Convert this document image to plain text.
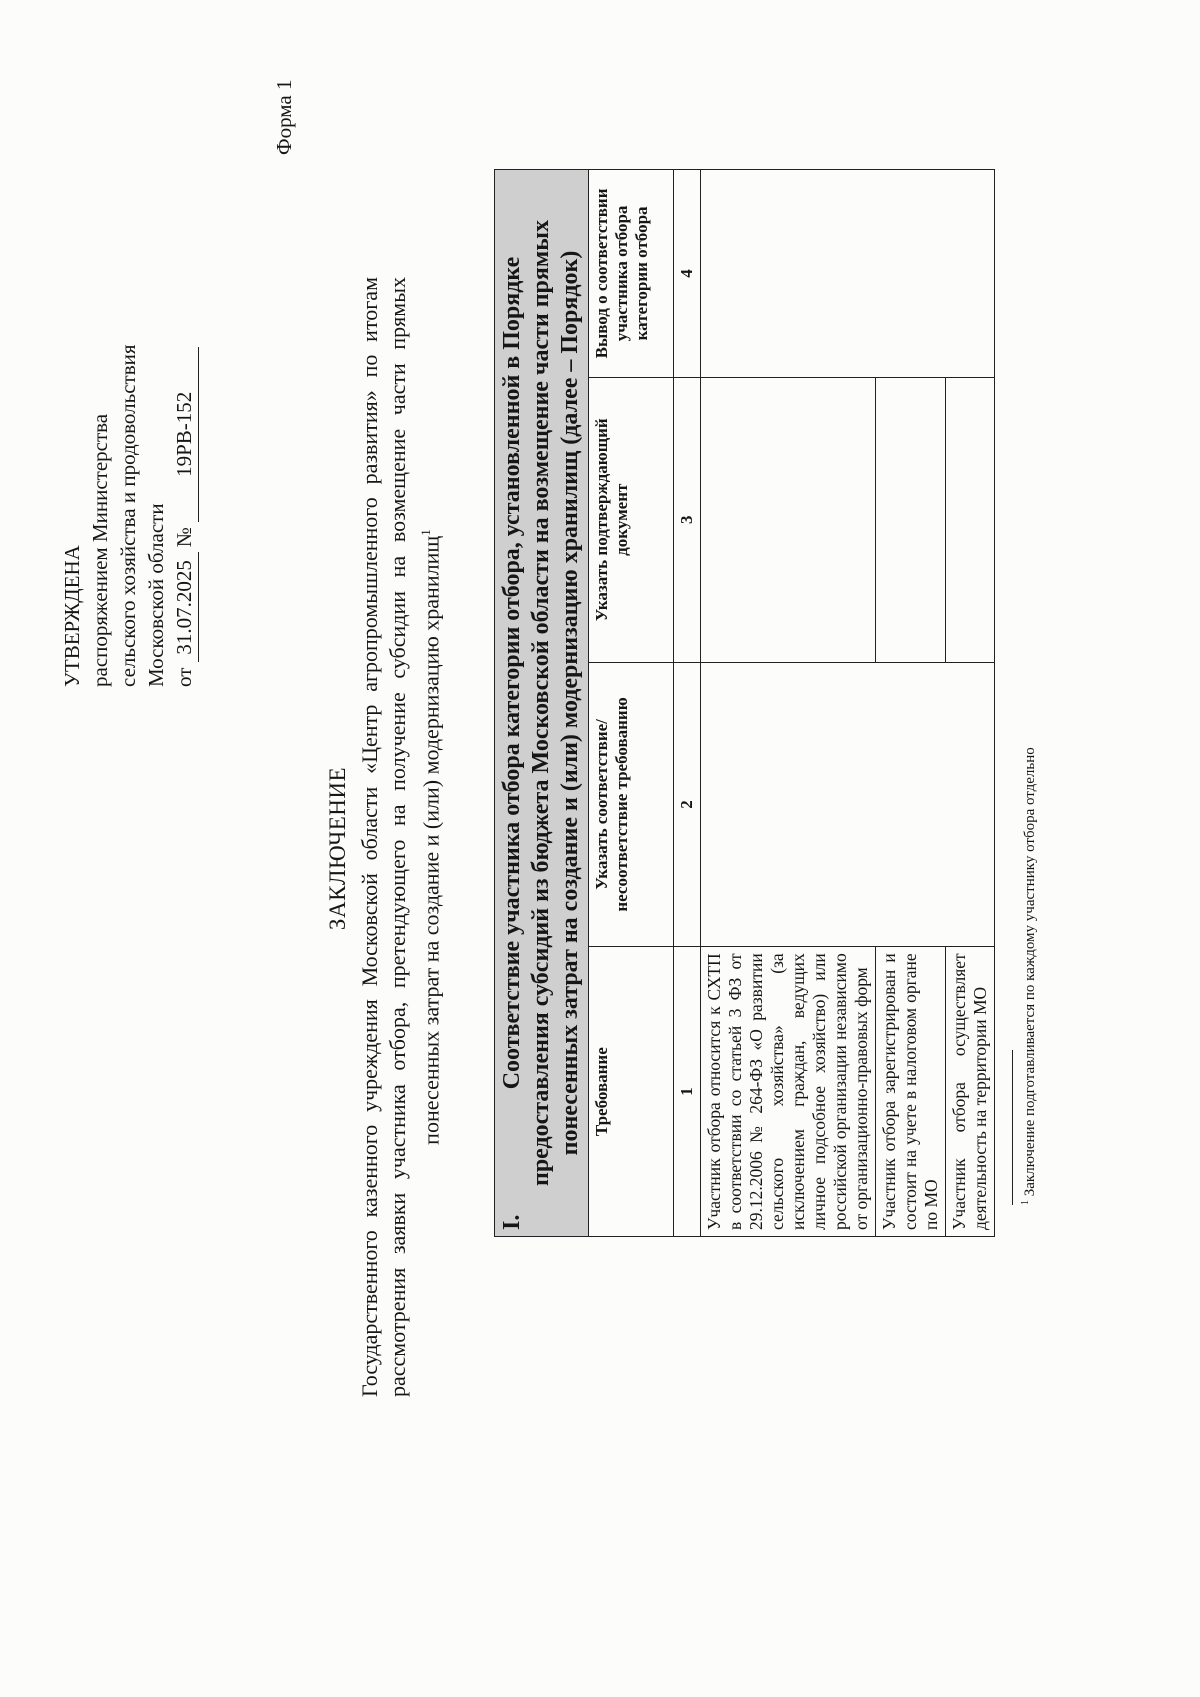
УТВЕРЖДЕНА распоряжением Министерства сельского хозяйства и продовольствия Московской области от 31.07.2025 № 19РВ-152
Форма 1
ЗАКЛЮЧЕНИЕ Государственного казенного учреждения Московской области «Центр агропромышленного развития» по итогам рассмотрения заявки участника отбора, претендующего на получение субсидии на возмещение части прямых понесенных затрат на создание и (или) модернизацию хранилищ$^1$
I.
Соответствие участника отбора категории отбора, установленной в Порядке предоставления субсидий из бюджета Московской области на возмещение части прямых понесенных затрат на создание и (или) модернизацию хранилищ (далее – Порядок)			
Требование	Указать соответствие/ несоответствие требованию	Указать подтверждающий документ	Вывод о соответствии участника отбора категории отбора
1	2	3	4
Участник отбора относится к СХТП в соответствии со статьей 3 ФЗ от 29.12.2006 № 264-ФЗ «О развитии сельского хозяйства» (за исключением граждан, ведущих личное подсобное хозяйство) или российской организации независимо от организационно-правовых форм			
Участник отбора зарегистрирован и состоит на учете в налоговом органе по МО			
Участник отбора осуществляет деятельность на территории МО				$^1$ Заключение подготавливается по каждому участнику отбора отдельно
